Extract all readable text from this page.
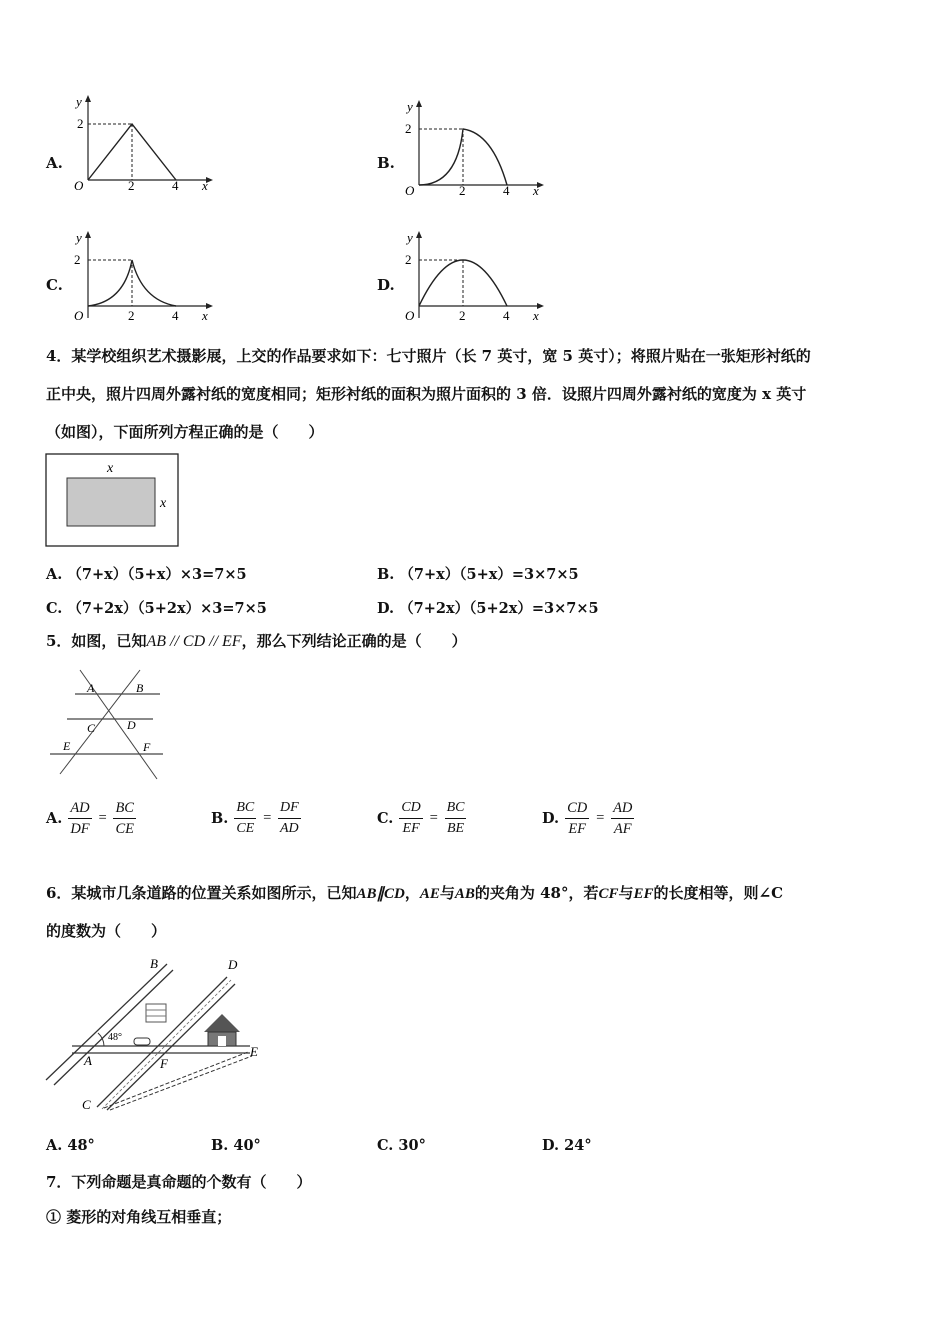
A.
y
2
O	2	4 x
B.
y
2
O	2	4 x
C.
y
2
O	2	4 x
D.
y
2
O	2	4 x
4．某学校组织艺术摄影展，上交的作品要求如下：七寸照片（长 7 英寸，宽 5 英寸）；将照片贴在一张矩形衬纸的
正中央，照片四周外露衬纸的宽度相同；矩形衬纸的面积为照片面积的 3 倍．设照片四周外露衬纸的宽度为 x 英寸
（如图），下面所列方程正确的是（　　）
x
x
A. （7+x）（5+x）×3=7×5	B. （7+x）（5+x）=3×7×5
C. （7+2x）（5+2x）×3=7×5	D. （7+2x）（5+2x）=3×7×5
5．如图，已知AB // CD // EF，那么下列结论正确的是（　　）
A	B
C	D
E	F
A. $\frac{AD}{DF} = \frac{BC}{CE}$	B. $\frac{BC}{CE} = \frac{DF}{AD}$	C. $\frac{CD}{EF} = \frac{BC}{BE}$	D. $\frac{CD}{EF} = \frac{AD}{AF}$
6．某城市几条道路的位置关系如图所示，已知AB∥CD，AE与AB的夹角为 48°，若CF与EF的长度相等，则∠C
的度数为（　　）
B	D
A	F
E
C
48°
A. 48°	B. 40°	C. 30°	D. 24°
7．下列命题是真命题的个数有（　　）
① 菱形的对角线互相垂直；
